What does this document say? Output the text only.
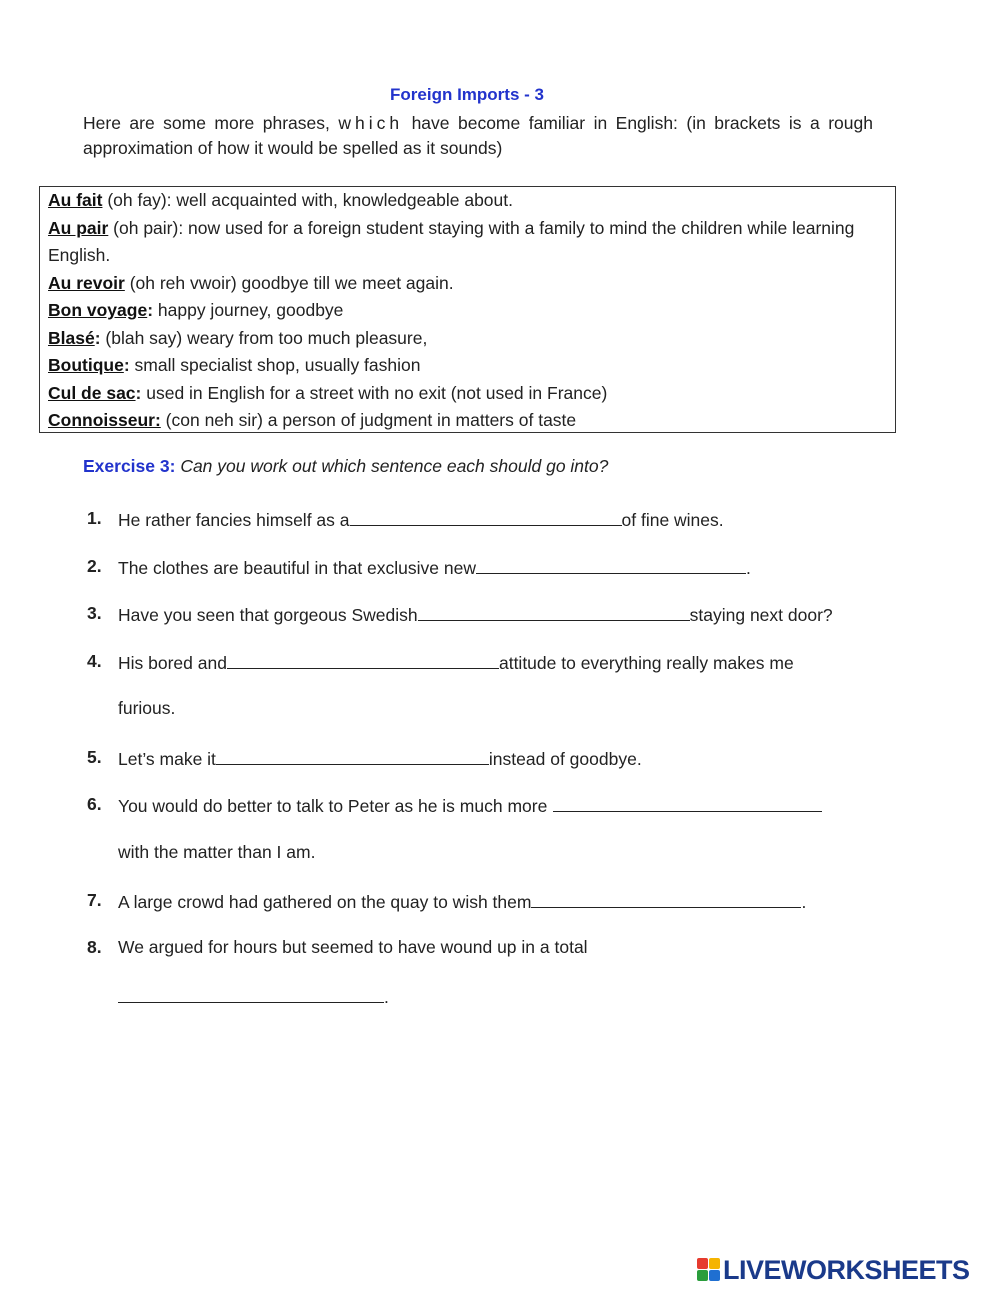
Foreign Imports - 3
Here are some more phrases, which have become familiar in English: (in brackets is a rough approximation of how it would be spelled as it sounds)
Au fait (oh fay): well acquainted with, knowledgeable about.
Au pair (oh pair): now used for a foreign student staying with a family to mind the children while learning English.
Au revoir (oh reh vwoir) goodbye till we meet again.
Bon voyage: happy journey, goodbye
Blasé: (blah say) weary from too much pleasure,
Boutique: small specialist shop, usually fashion
Cul de sac: used in English for a street with no exit (not used in France)
Connoisseur: (con neh sir) a person of judgment in matters of taste
Exercise 3: Can you work out which sentence each should go into?
1. He rather fancies himself as a	of fine wines.
2. The clothes are beautiful in that exclusive new	.
3. Have you seen that gorgeous Swedish	staying next door?
4. His bored and	attitude to everything really makes me
furious.
5. Let’s make it	instead of goodbye.
6. You would do better to talk to Peter as he is much more
with the matter than I am.
7. A large crowd had gathered on the quay to wish them	.
8. We argued for hours but seemed to have wound up in a total
.
LIVEWORKSHEETS
